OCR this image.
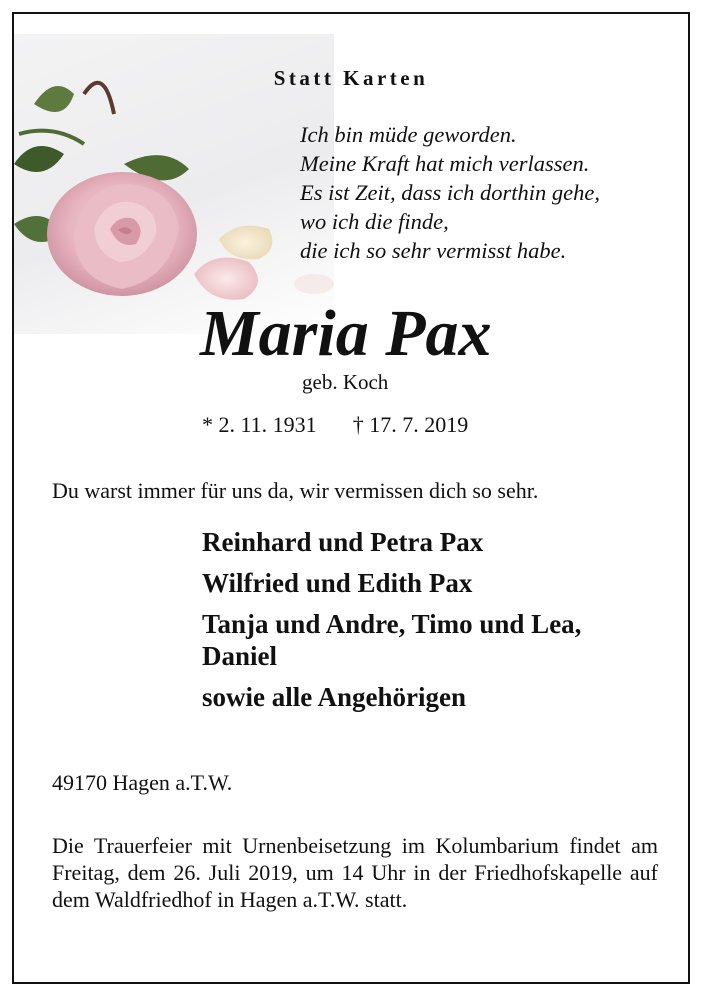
Statt Karten
Ich bin müde geworden.
Meine Kraft hat mich verlassen.
Es ist Zeit, dass ich dorthin gehe,
wo ich die finde,
die ich so sehr vermisst habe.
Maria Pax
geb. Koch
* 2. 11. 1931 † 17. 7. 2019
Du warst immer für uns da, wir vermissen dich so sehr.
Reinhard und Petra Pax
Wilfried und Edith Pax
Tanja und Andre, Timo und Lea,
Daniel
sowie alle Angehörigen
49170 Hagen a.T.W.
Die Trauerfeier mit Urnenbeisetzung im Kolumbarium findet am Freitag, dem 26. Juli 2019, um 14 Uhr in der Friedhofskapelle auf dem Waldfriedhof in Hagen a.T.W. statt.
